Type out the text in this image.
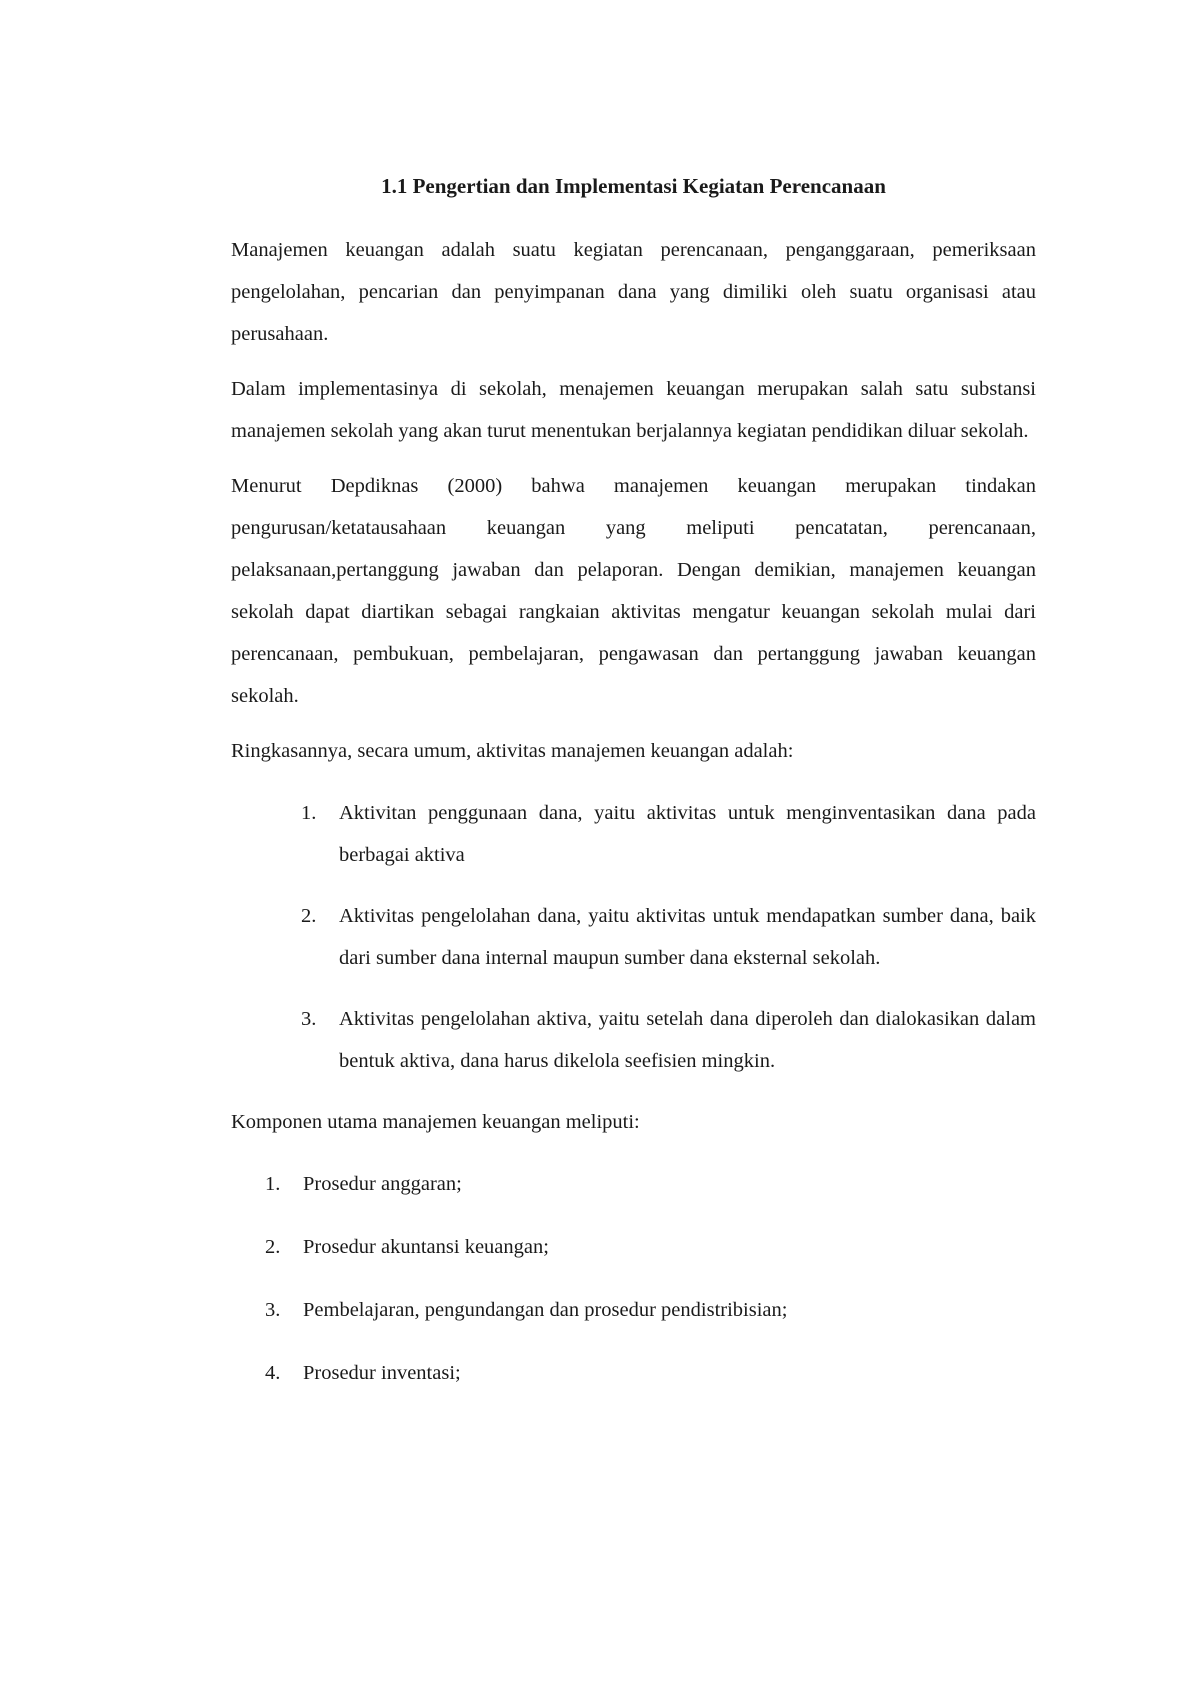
1.1 Pengertian dan Implementasi Kegiatan Perencanaan

Manajemen keuangan adalah suatu kegiatan perencanaan, penganggaraan, pemeriksaan pengelolahan, pencarian dan penyimpanan dana yang dimiliki oleh suatu organisasi atau perusahaan.

Dalam implementasinya di sekolah, menajemen keuangan merupakan salah satu substansi manajemen sekolah yang akan turut menentukan berjalannya kegiatan pendidikan diluar sekolah.

Menurut Depdiknas (2000) bahwa manajemen keuangan merupakan tindakan pengurusan/ketatausahaan keuangan yang meliputi pencatatan, perencanaan, pelaksanaan,pertanggung jawaban dan pelaporan. Dengan demikian, manajemen keuangan sekolah dapat diartikan sebagai rangkaian aktivitas mengatur keuangan sekolah mulai dari perencanaan, pembukuan, pembelajaran, pengawasan dan pertanggung jawaban keuangan sekolah.

Ringkasannya, secara umum, aktivitas manajemen keuangan adalah:

1. Aktivitan penggunaan dana, yaitu aktivitas untuk menginventasikan dana pada berbagai aktiva
2. Aktivitas pengelolahan dana, yaitu aktivitas untuk mendapatkan sumber dana, baik dari sumber dana internal maupun sumber dana eksternal sekolah.
3. Aktivitas pengelolahan aktiva, yaitu setelah dana diperoleh dan dialokasikan dalam bentuk aktiva, dana harus dikelola seefisien mingkin.

Komponen utama manajemen keuangan meliputi:

1. Prosedur anggaran;
2. Prosedur akuntansi keuangan;
3. Pembelajaran, pengundangan dan prosedur pendistribisian;
4. Prosedur inventasi;
